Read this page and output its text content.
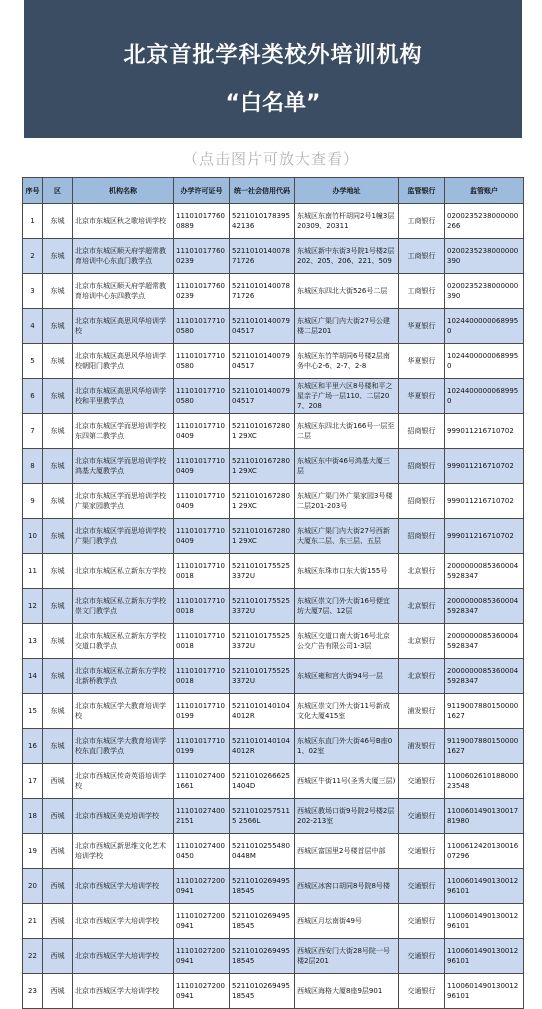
北京首批学科类校外培训机构
“白名单”
（点击图片可放大查看）
序号	区	机构名称	办学许可证号	统一社会信用代码	办学地址	监管银行	监管账户
1	东城	北京市东城区秋之歌培训学校	111010177600889	521101017839542136	东城区东南竹杆胡同2号1幢3层20309、20311	工商银行	0200235238000000266
2	东城	北京市东城区顺天府学超常教育培训中心东直门教学点	111010177600239	521101014007871726	东城区新中东街3号院1号楼2层202、205、206、221、509	工商银行	0200235238000000390
3	东城	北京市东城区顺天府学超常教育培训中心东四教学点	111010177600239	521101014007871726	东城区东四北大街526号二层	工商银行	0200235238000000390
4	东城	北京市东城区高思风华培训学校	111010177100580	521101014007904517	东城区广渠门内大街27号公建楼二层201	华夏银行	10244000000689950
5	东城	北京市东城区高思风华培训学校朝阳门教学点	111010177100580	521101014007904517	东城区东竹竿胡同6号楼2层南务中心2-6、2-7、2-8	华夏银行	10244000000689950
6	东城	北京市东城区高思风华培训学校和平里教学点	111010177100580	521101014007904517	东城区和平里六区8号楼和平之星亲子广场一层110、二层207、208	华夏银行	10244000000689950
7	东城	北京市东城区学而思培训学校东四第二教学点	111010177100409	52110101672801 29XC	东城区东四北大街166号一层至二层	招商银行	999011216710702
8	东城	北京市东城区学而思培训学校鸿基大厦教学点	111010177100409	52110101672801 29XC	东城区东中街46号鸿基大厦三层	招商银行	999011216710702
9	东城	北京市东城区学而思培训学校广渠家园教学点	111010177100409	52110101672801 29XC	东城区广渠门外广渠家园3号楼二层201-203号	招商银行	999011216710702
10	东城	北京市东城区学而思培训学校广渠门教学点	111010177100409	52110101672801 29XC	东城区广渠门内大街27号西新大厦东二层、东三层、五层	招商银行	999011216710702
11	东城	北京市东城区私立新东方学校	111010177100018	52110101755253372U	东城区东珠市口东大街155号	北京银行	20000000853600045928347
12	东城	北京市东城区私立新东方学校崇文门教学点	111010177100018	52110101755253372U	东城区崇文门外大街16号便宜坊大厦7层、12层	北京银行	20000000853600045928347
13	东城	北京市东城区私立新东方学校交道口教学点	111010177100018	52110101755253372U	东城区交道口南大街16号北京公交广告有限公司1-3层	北京银行	20000000853600045928347
14	东城	北京市东城区私立新东方学校北新桥教学点	111010177100018	52110101755253372U	东城区雍和宫大街94号一层	北京银行	20000000853600045928347
15	东城	北京市东城区学大教育培训学校	111010177100199	52110101401044012R	东城区崇文门外大街11号新成文化大厦415室	浦发银行	91190078801500001627
16	东城	北京市东城区学大教育培训学校东直门教学点	111010177100199	52110101401044012R	东城区东直门外大街46号B座01、02室	浦发银行	91190078801500001627
17	西城	北京市西城区传奇英语培训学校	111010274001661	52110102666251404D	西城区牛街11号(圣秀大厦三层)	交通银行	110060261018800023548
18	西城	北京市西城区美克培训学校	111010274002151	52110102575115 2566L	西城区教场口街9号院2号楼2层202-213室	交通银行	110060149013001781980
19	西城	北京市西城区新思维文化艺术培训学校	111010274000450	52110102554800448M	西城区富国里2号楼首层中部	交通银行	110061242013001607296
20	西城	北京市西城区学大培训学校	111010272000941	521101026949518545	西城区冰窖口胡同8号院8号楼	交通银行	110060149013001296101
21	西城	北京市西城区学大培训学校	111010272000941	521101026949518545	西城区月坛南街49号	交通银行	110060149013001296101
22	西城	北京市西城区学大培训学校	111010272000941	521101026949518545	西城区西安门大街28号院一号楼2层201	交通银行	110060149013001296101
23	西城	北京市西城区学大培训学校	111010272000941	521101026949518545	西城区海格大厦8座9层901	交通银行	110060149013001296101
